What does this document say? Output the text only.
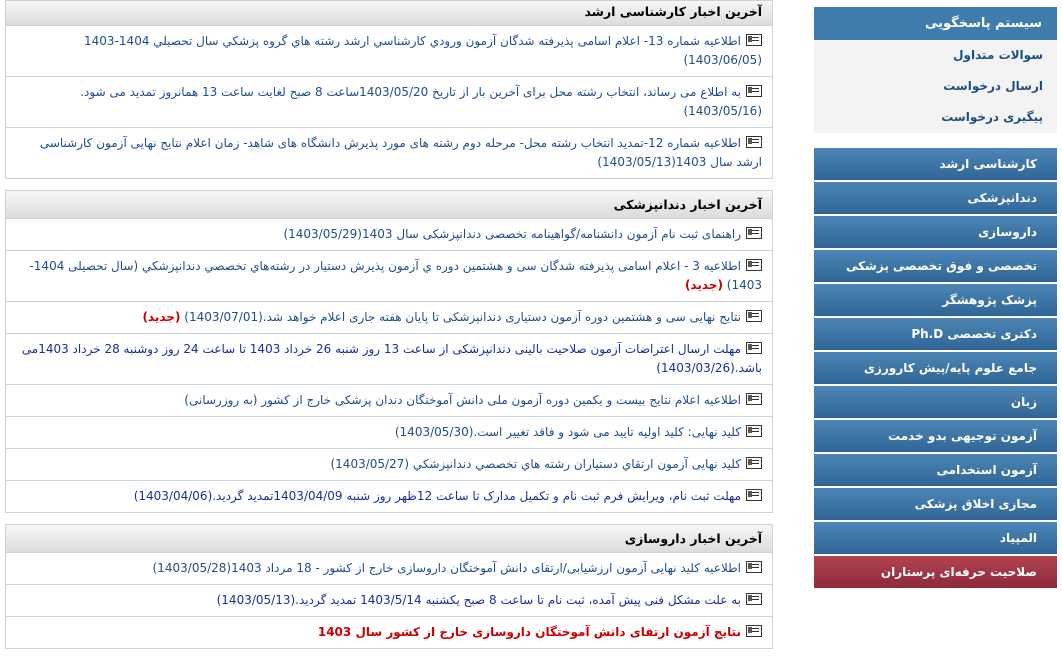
آخرین اخبار کارشناسی ارشد
اطلاعیه شماره 13- اعلام اسامی پذیرفته شدگان آزمون ورودي کارشناسي ارشد رشته هاي گروه پزشكي سال تحصيلي 1404-1403 (1403/06/05)
به اطلاع می رساند، انتخاب رشته محل برای آخرین بار از تاریخ 1403/05/20ساعت 8 صبح لغایت ساعت 13 همانروز تمدید می شود.(1403/05/16)
اطلاعیه شماره 12-تمدید انتخاب رشته محل- مرحله دوم رشته های مورد پذیرش دانشگاه های شاهد- زمان اعلام نتایج نهایی آزمون کارشناسی ارشد سال 1403(1403/05/13)
آخرین اخبار دندانپزشکی
راهنمای ثبت نام آزمون دانشنامه/گواهینامه تخصصی دندانپزشکی سال 1403(1403/05/29)
اطلاعیه 3 - اعلام اسامی پذیرفته شدگان سی و هشتمین دوره ي آزمون پذيرش دستيار در رشته‌هاي تخصصي دندانپزشكي (سال تحصیلی 1404-1403) (جدید)
نتایج نهایی سی و هشتمین دوره آزمون دستیاری دندانپزشکی تا پایان هفته جاری اعلام خواهد شد.(1403/07/01) (جدید)
مهلت ارسال اعتراضات آزمون صلاحیت بالینی دندانپزشکی از ساعت 13 روز شنبه 26 خرداد 1403 تا ساعت 24 روز دوشنبه 28 خرداد 1403می باشد.(1403/03/26)
اطلاعیه اعلام نتایج بیست و یکمین دوره آزمون ملی دانش آموختگان دندان پزشکی خارج از کشور (به روزرسانی)
کلید نهایی: کلید اولیه تایید می شود و فاقد تغییر است.(1403/05/30)
کلید نهایی آزمون ارتقاي دستياران رشته هاي تخصصي دندانپزشكي (1403/05/27)
مهلت ثبت نام، ویرایش فرم ثبت نام و تکمیل مدارک تا ساعت 12ظهر روز شنبه 1403/04/09تمدید گردید.(1403/04/06)
آخرین اخبار داروسازی
اطلاعیه کلید نهایی آزمون ارزشیابی/ارتقای دانش آموختگان داروسازی خارج از کشور - 18 مرداد 1403(1403/05/28)
به علت مشکل فنی پیش آمده، ثبت نام تا ساعت 8 صبح یکشنبه 1403/5/14 تمدید گردید.(1403/05/13)
نتایج آزمون ارتقای دانش آموختگان داروسازی خارج از کشور سال 1403
سیستم پاسخگویی
سوالات متداول
ارسال درخواست
پیگیری درخواست
کارشناسی ارشد
دندانپزشکی
داروسازی
تخصصی و فوق تخصصی پزشکی
پزشک پژوهشگر
دکتری تخصصی Ph.D
جامع علوم پایه/پیش کارورزی
زبان
آزمون توجیهی بدو خدمت
آزمون استخدامی
مجازی اخلاق پزشکی
المپیاد
صلاحیت حرفه‌ای پرستاران
